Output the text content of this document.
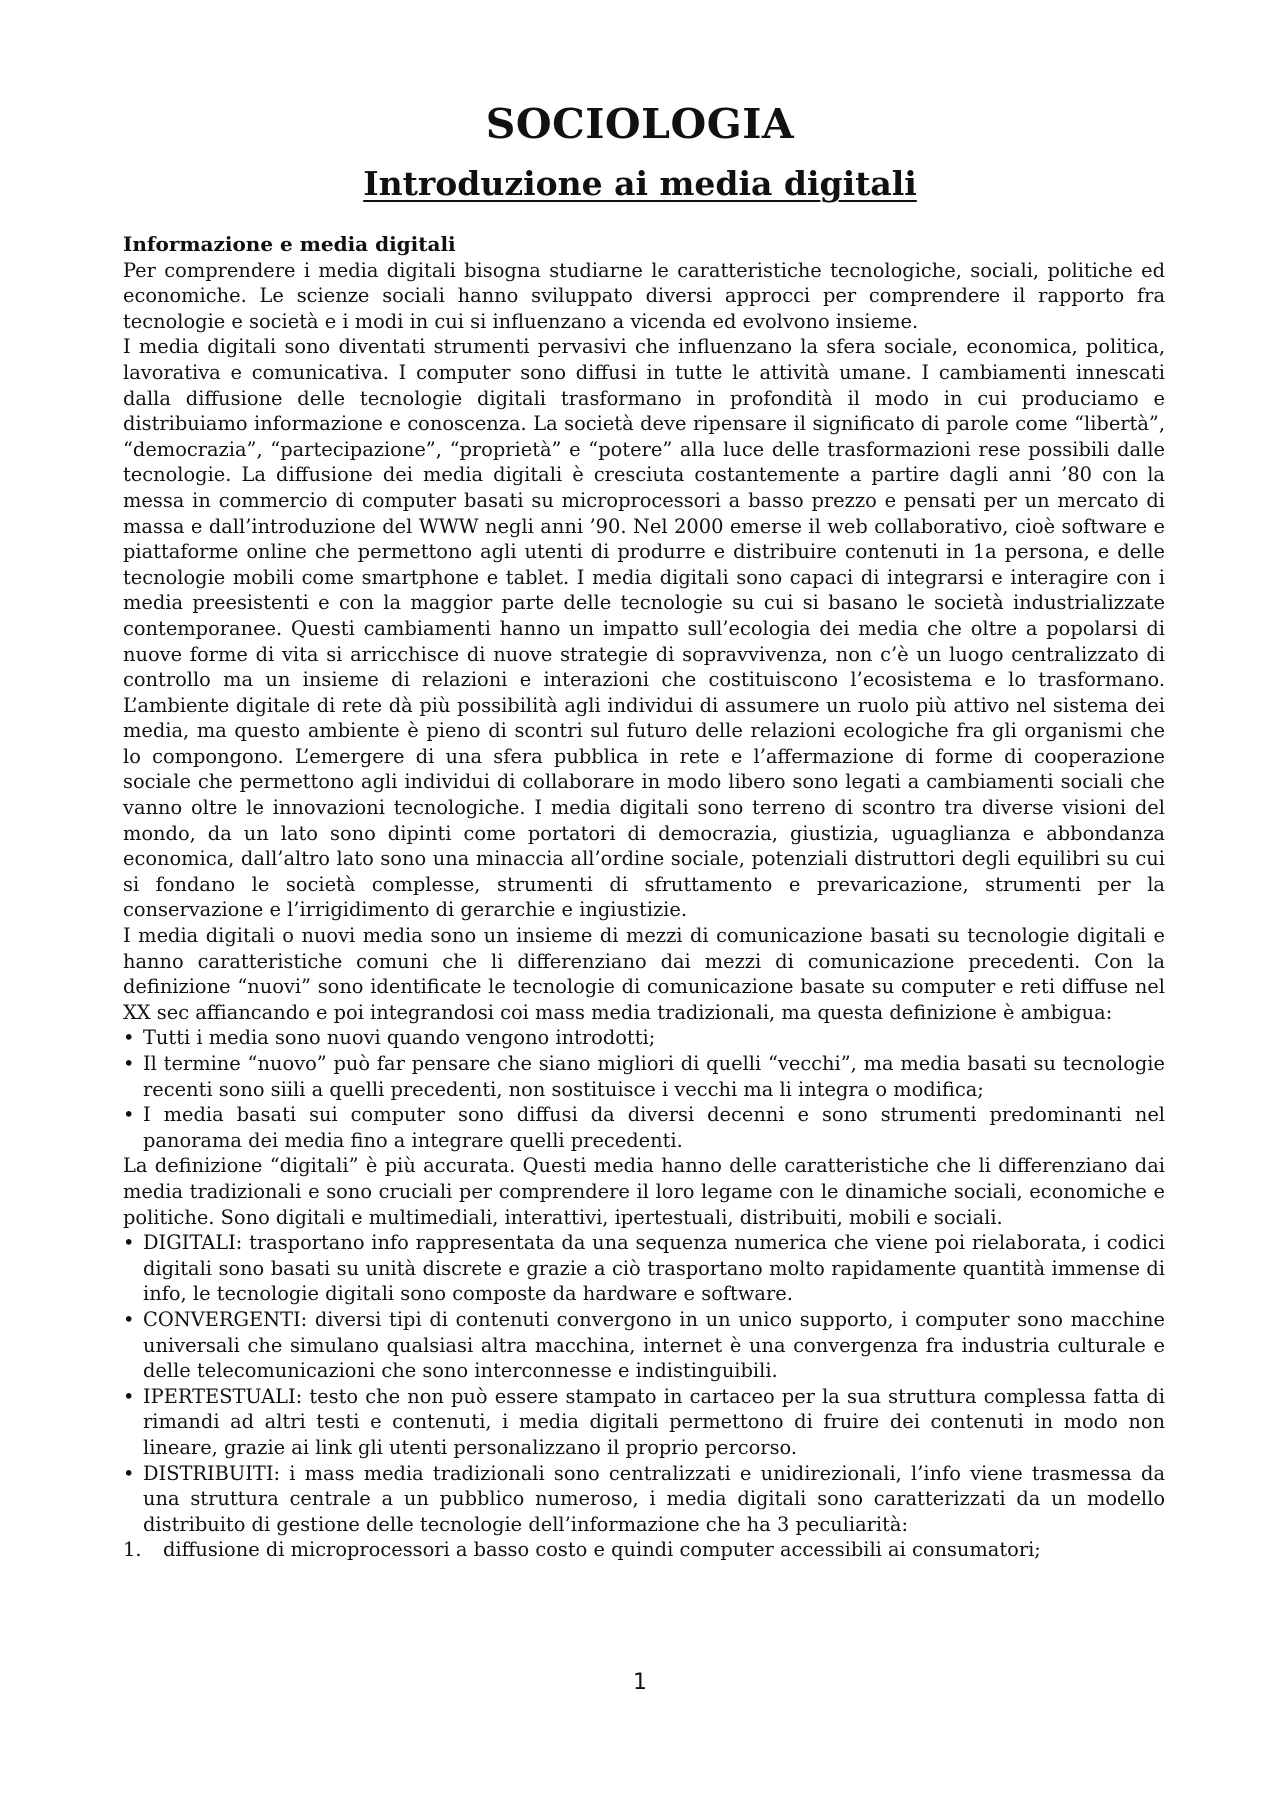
SOCIOLOGIA
Introduzione ai media digitali
Informazione e media digitali

Per comprendere i media digitali bisogna studiarne le caratteristiche tecnologiche, sociali, politiche ed economiche. Le scienze sociali hanno sviluppato diversi approcci per comprendere il rapporto fra tecnologie e società e i modi in cui si influenzano a vicenda ed evolvono insieme.

I media digitali sono diventati strumenti pervasivi che influenzano la sfera sociale, economica, politica, lavorativa e comunicativa. I computer sono diffusi in tutte le attività umane. I cambiamenti innescati dalla diffusione delle tecnologie digitali trasformano in profondità il modo in cui produciamo e distribuiamo informazione e conoscenza. La società deve ripensare il significato di parole come “libertà”, “democrazia”, “partecipazione”, “proprietà” e “potere” alla luce delle trasformazioni rese possibili dalle tecnologie. La diffusione dei media digitali è cresciuta costantemente a partire dagli anni ’80 con la messa in commercio di computer basati su microprocessori a basso prezzo e pensati per un mercato di massa e dall’introduzione del WWW negli anni ’90. Nel 2000 emerse il web collaborativo, cioè software e piattaforme online che permettono agli utenti di produrre e distribuire contenuti in 1a persona, e delle tecnologie mobili come smartphone e tablet. I media digitali sono capaci di integrarsi e interagire con i media preesistenti e con la maggior parte delle tecnologie su cui si basano le società industrializzate contemporanee. Questi cambiamenti hanno un impatto sull’ecologia dei media che oltre a popolarsi di nuove forme di vita si arricchisce di nuove strategie di sopravvivenza, non c’è un luogo centralizzato di controllo ma un insieme di relazioni e interazioni che costituiscono l’ecosistema e lo trasformano. L’ambiente digitale di rete dà più possibilità agli individui di assumere un ruolo più attivo nel sistema dei media, ma questo ambiente è pieno di scontri sul futuro delle relazioni ecologiche fra gli organismi che lo compongono. L’emergere di una sfera pubblica in rete e l’affermazione di forme di cooperazione sociale che permettono agli individui di collaborare in modo libero sono legati a cambiamenti sociali che vanno oltre le innovazioni tecnologiche. I media digitali sono terreno di scontro tra diverse visioni del mondo, da un lato sono dipinti come portatori di democrazia, giustizia, uguaglianza e abbondanza economica, dall’altro lato sono una minaccia all’ordine sociale, potenziali distruttori degli equilibri su cui si fondano le società complesse, strumenti di sfruttamento e prevaricazione, strumenti per la conservazione e l’irrigidimento di gerarchie e ingiustizie.

I media digitali o nuovi media sono un insieme di mezzi di comunicazione basati su tecnologie digitali e hanno caratteristiche comuni che li differenziano dai mezzi di comunicazione precedenti. Con la definizione “nuovi” sono identificate le tecnologie di comunicazione basate su computer e reti diffuse nel XX sec affiancando e poi integrandosi coi mass media tradizionali, ma questa definizione è ambigua:

• Tutti i media sono nuovi quando vengono introdotti;
• Il termine “nuovo” può far pensare che siano migliori di quelli “vecchi”, ma media basati su tecnologie recenti sono siili a quelli precedenti, non sostituisce i vecchi ma li integra o modifica;
• I media basati sui computer sono diffusi da diversi decenni e sono strumenti predominanti nel panorama dei media fino a integrare quelli precedenti.

La definizione “digitali” è più accurata. Questi media hanno delle caratteristiche che li differenziano dai media tradizionali e sono cruciali per comprendere il loro legame con le dinamiche sociali, economiche e politiche. Sono digitali e multimediali, interattivi, ipertestuali, distribuiti, mobili e sociali.

• DIGITALI: trasportano info rappresentata da una sequenza numerica che viene poi rielaborata, i codici digitali sono basati su unità discrete e grazie a ciò trasportano molto rapidamente quantità immense di info, le tecnologie digitali sono composte da hardware e software.
• CONVERGENTI: diversi tipi di contenuti convergono in un unico supporto, i computer sono macchine universali che simulano qualsiasi altra macchina, internet è una convergenza fra industria culturale e delle telecomunicazioni che sono interconnesse e indistinguibili.
• IPERTESTUALI: testo che non può essere stampato in cartaceo per la sua struttura complessa fatta di rimandi ad altri testi e contenuti, i media digitali permettono di fruire dei contenuti in modo non lineare, grazie ai link gli utenti personalizzano il proprio percorso.
• DISTRIBUITI: i mass media tradizionali sono centralizzati e unidirezionali, l’info viene trasmessa da una struttura centrale a un pubblico numeroso, i media digitali sono caratterizzati da un modello distribuito di gestione delle tecnologie dell’informazione che ha 3 peculiarità:
1. diffusione di microprocessori a basso costo e quindi computer accessibili ai consumatori;
1
